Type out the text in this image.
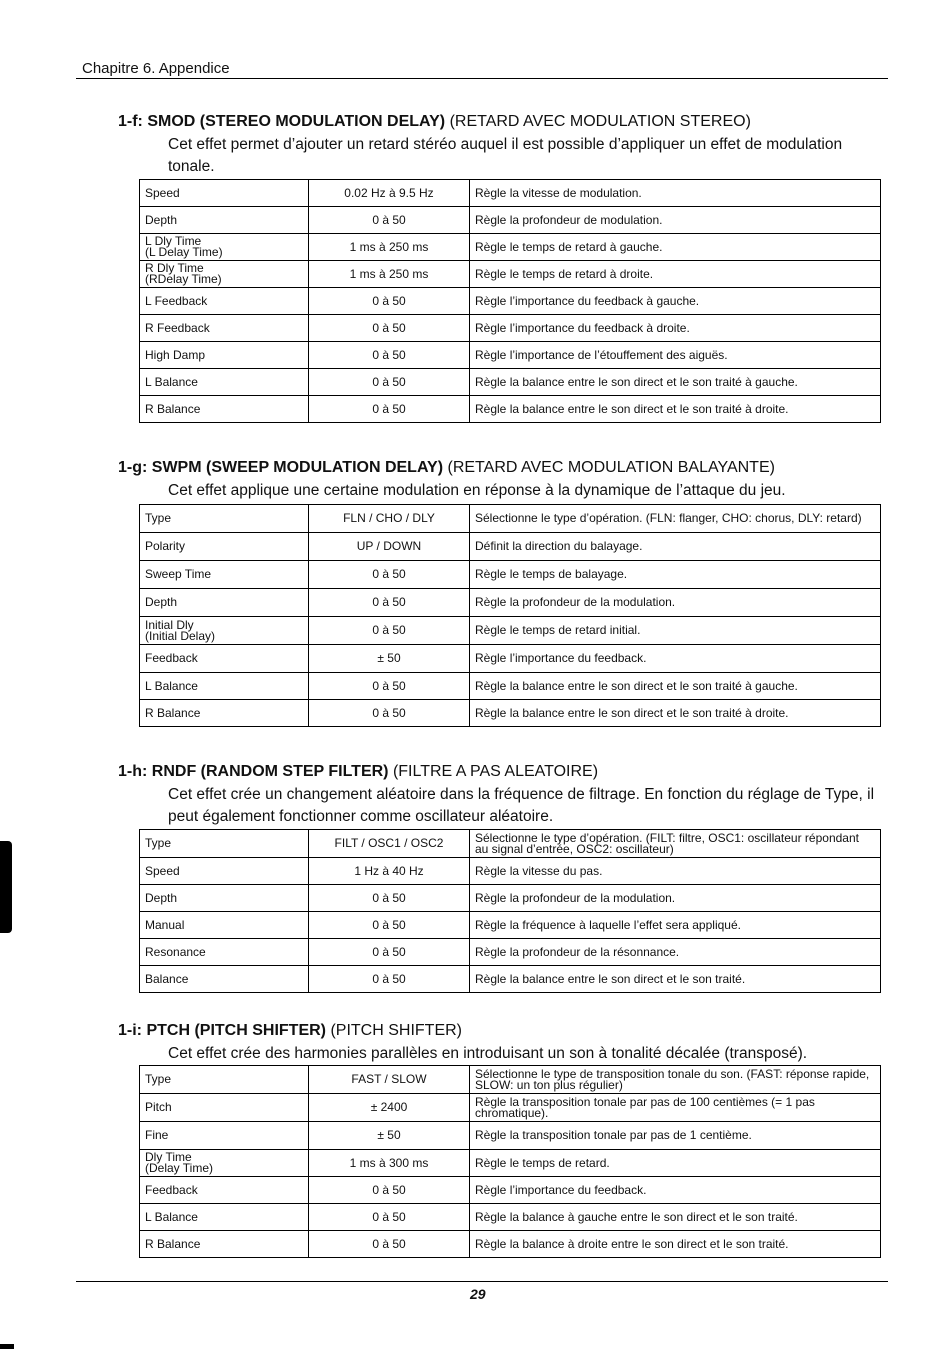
Chapitre 6. Appendice

1-f: SMOD (STEREO MODULATION DELAY) (RETARD AVEC MODULATION STEREO)

Cet effet permet d’ajouter un retard stéréo auquel il est possible d’appliquer un effet de modulation tonale.

Speed	0.02 Hz à 9.5 Hz	Règle la vitesse de modulation.
Depth	0 à 50	Règle la profondeur de modulation.

L Dly Time
(L Delay Time)	1 ms à 250 ms	Règle le temps de retard à gauche.

R Dly Time
(RDelay Time)	1 ms à 250 ms	Règle le temps de retard à droite.
L Feedback	0 à 50	Règle l’importance du feedback à gauche.
R Feedback	0 à 50	Règle l’importance du feedback à droite.
High Damp	0 à 50	Règle l’importance de l’étouffement des aiguës.
L Balance	0 à 50	Règle la balance entre le son direct et le son traité à gauche.
R Balance	0 à 50	Règle la balance entre le son direct et le son traité à droite.

1-g: SWPM (SWEEP MODULATION DELAY) (RETARD AVEC MODULATION BALAYANTE)

Cet effet applique une certaine modulation en réponse à la dynamique de l’attaque du jeu.

Type	FLN / CHO / DLY	Sélectionne le type d’opération. (FLN: flanger, CHO: chorus, DLY: retard)
Polarity	UP / DOWN	Définit la direction du balayage.
Sweep Time	0 à 50	Règle le temps de balayage.
Depth	0 à 50	Règle la profondeur de la modulation.

Initial Dly
(Initial Delay)	0 à 50	Règle le temps de retard initial.
Feedback	± 50	Règle l’importance du feedback.
L Balance	0 à 50	Règle la balance entre le son direct et le son traité à gauche.
R Balance	0 à 50	Règle la balance entre le son direct et le son traité à droite.

1-h: RNDF (RANDOM STEP FILTER) (FILTRE A PAS ALEATOIRE)

Cet effet crée un changement aléatoire dans la fréquence de filtrage. En fonction du réglage de Type, il peut également fonctionner comme oscillateur aléatoire.

Type	FILT / OSC1 / OSC2	Sélectionne le type d’opération. (FILT: filtre, OSC1: oscillateur répondant au signal d’entrée, OSC2: oscillateur)
Speed	1 Hz à 40 Hz	Règle la vitesse du pas.
Depth	0 à 50	Règle la profondeur de la modulation.
Manual	0 à 50	Règle la fréquence à laquelle l’effet sera appliqué.
Resonance	0 à 50	Règle la profondeur de la résonnance.
Balance	0 à 50	Règle la balance entre le son direct et le son traité.

1-i: PTCH (PITCH SHIFTER) (PITCH SHIFTER)

Cet effet crée des harmonies parallèles en introduisant un son à tonalité décalée (transposé).

Type	FAST / SLOW	Sélectionne le type de transposition tonale du son. (FAST: réponse rapide, SLOW: un ton plus régulier)
Pitch	± 2400	Règle la transposition tonale par pas de 100 centièmes (= 1 pas chromatique).
Fine	± 50	Règle la transposition tonale par pas de 1 centième.

Dly Time
(Delay Time)	1 ms à 300 ms	Règle le temps de retard.
Feedback	0 à 50	Règle l’importance du feedback.
L Balance	0 à 50	Règle la balance à gauche entre le son direct et le son traité.
R Balance	0 à 50	Règle la balance à droite entre le son direct et le son traité.
29
